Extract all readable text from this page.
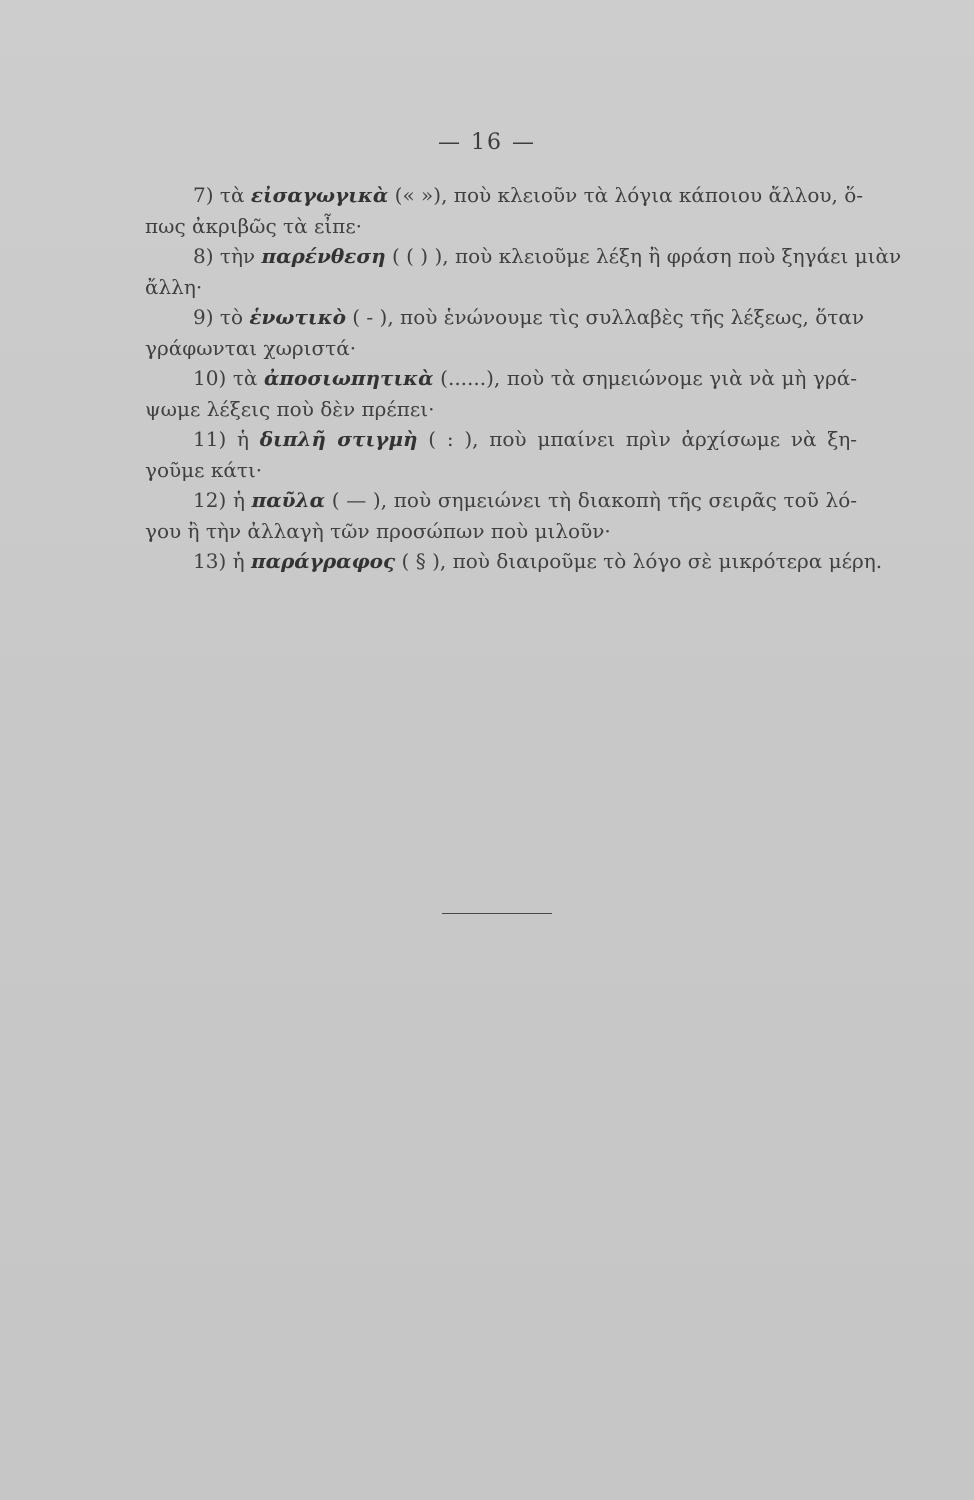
— 16 —
7) τὰ εἰσαγωγικὰ (« »), ποὺ κλειοῦν τὰ λόγια κάποιου ἄλλου, ὅ-
πως ἀκριβῶς τὰ εἶπε·
8) τὴν παρένθεση ( ( ) ), ποὺ κλειοῦμε λέξη ἢ φράση ποὺ ξηγάει μιὰν
ἄλλη·
9) τὸ ἑνωτικὸ ( - ), ποὺ ἑνώνουμε τὶς συλλαβὲς τῆς λέξεως, ὅταν
γράφωνται χωριστά·
10) τὰ ἀποσιωπητικὰ (......), ποὺ τὰ σημειώνομε γιὰ νὰ μὴ γρά-
ψωμε λέξεις ποὺ δὲν πρέπει·
11) ἡ διπλῆ στιγμὴ ( : ), ποὺ μπαίνει πρὶν ἀρχίσωμε νὰ ξη-
γοῦμε κάτι·
12) ἡ παῦλα ( — ), ποὺ σημειώνει τὴ διακοπὴ τῆς σειρᾶς τοῦ λό-
γου ἢ τὴν ἀλλαγὴ τῶν προσώπων ποὺ μιλοῦν·
13) ἡ παράγραφος ( § ), ποὺ διαιροῦμε τὸ λόγο σὲ μικρότερα μέρη.
